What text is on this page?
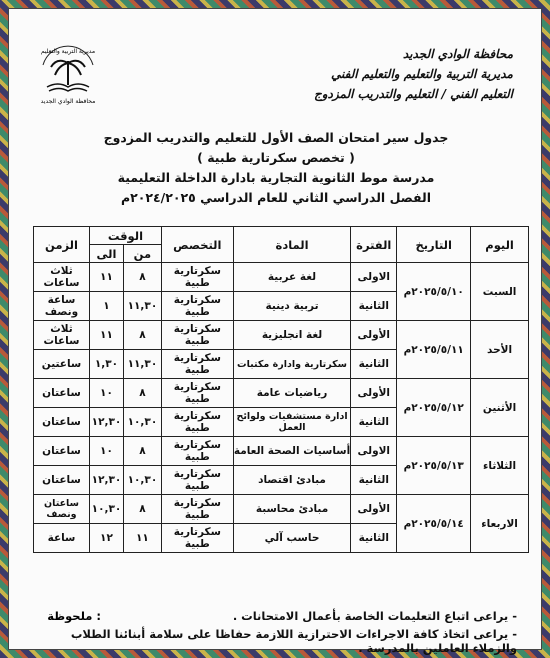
محافظة الوادي الجديد
مديرية التربية والتعليم والتعليم الفني
التعليم الفني / التعليم والتدريب المزدوج
مديرية التربية والتعليم
محافظة الوادي الجديد
جدول سير امتحان الصف الأول للتعليم والتدريب المزدوج
( تخصص سكرتارية طبية )
مدرسة موط الثانوية التجارية بادارة الداخلة التعليمية
الفصل الدراسي الثاني للعام الدراسي ٢٠٢٤/٢٠٢٥م
اليوم	التاريخ	الفترة	المادة	التخصص	الوقت		الزمن
					من	الى	
السبت	٢٠٢٥/٥/١٠م	الاولى	لغة عربية	سكرتارية طبية	٨	١١	ثلاث ساعات
		الثانية	تربية دينية	سكرتارية طبية	١١,٣٠	١	ساعة ونصف
الأحد	٢٠٢٥/٥/١١م	الأولى	لغة انجليزية	سكرتارية طبية	٨	١١	ثلاث ساعات
		الثانية	سكرتارية وادارة مكتبات	سكرتارية طبية	١١,٣٠	١,٣٠	ساعتين
الأثنين	٢٠٢٥/٥/١٢م	الأولى	رياضيات عامة	سكرتارية طبية	٨	١٠	ساعتان
		الثانية	ادارة مستشفيات ولوائح العمل	سكرتارية طبية	١٠,٣٠	١٢,٣٠	ساعتان
الثلاثاء	٢٠٢٥/٥/١٣م	الاولى	أساسيات الصحة العامة	سكرتارية طبية	٨	١٠	ساعتان
		الثانية	مبادئ اقتصاد	سكرتارية طبية	١٠,٣٠	١٢,٣٠	ساعتان
الاربعاء	٢٠٢٥/٥/١٤م	الأولى	مبادئ محاسبة	سكرتارية طبية	٨	١٠,٣٠	ساعتان ونصف
		الثانية	حاسب آلي	سكرتارية طبية	١١	١٢	ساعة
ملحوظة :	- يراعى اتباع التعليمات الخاصة بأعمال الامتحانات .
- يراعى اتخاذ كافة الاجراءات الاحترازية اللازمة حفاظا على سلامة أبنائنا الطلاب
والزملاء العاملين بالمدرسة .
